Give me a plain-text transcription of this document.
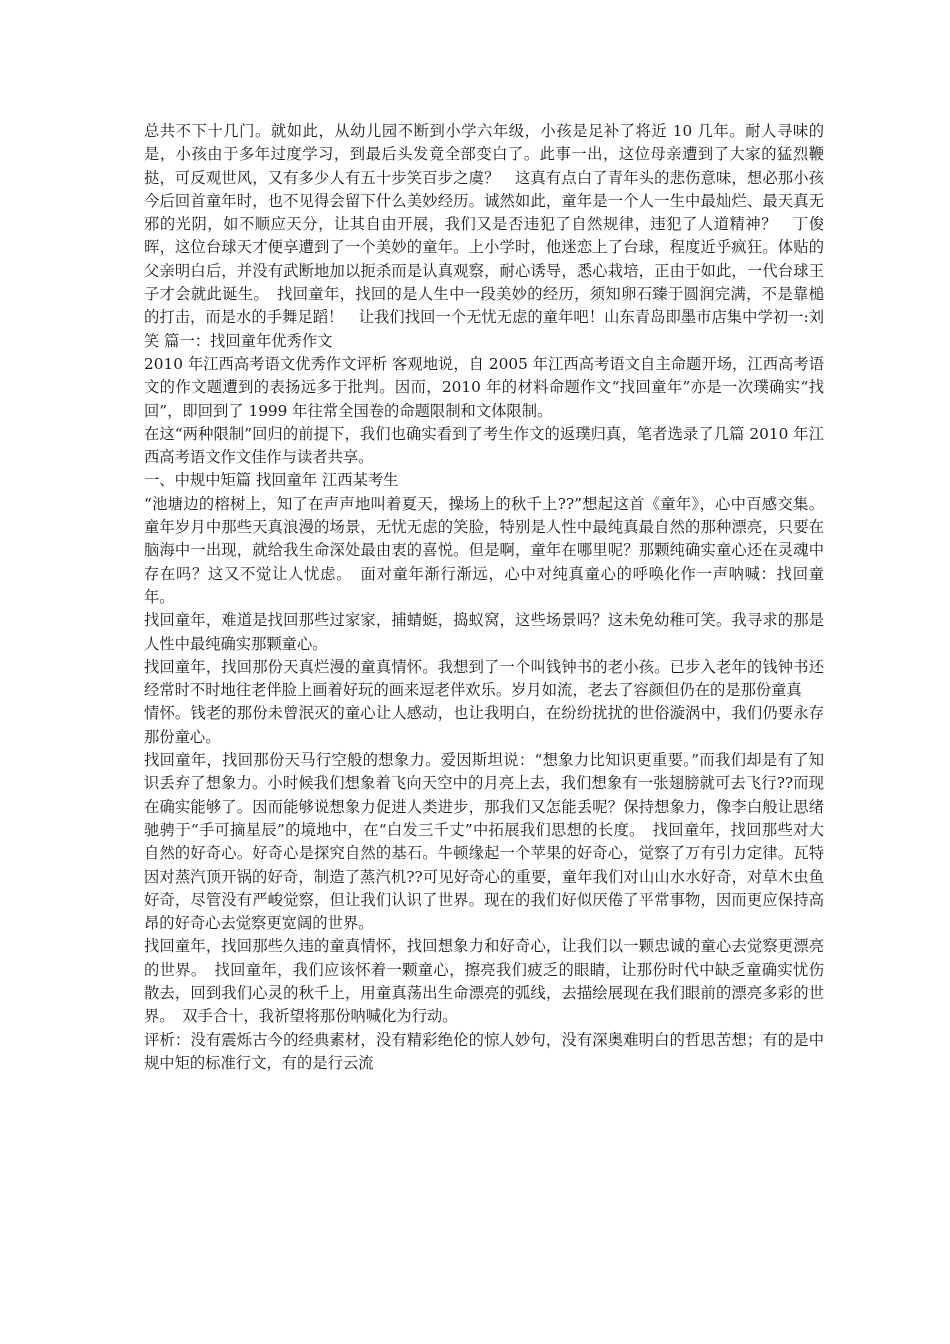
总共不下十几门。就如此，从幼儿园不断到小学六年级，小孩是足补了将近 10 几年。耐人寻味的是，小孩由于多年过度学习，到最后头发竟全部变白了。此事一出，这位母亲遭到了大家的猛烈鞭挞，可反观世风，又有多少人有五十步笑百步之虞？　这真有点白了青年头的悲伤意味，想必那小孩今后回首童年时，也不见得会留下什么美妙经历。诚然如此，童年是一个人一生中最灿烂、最天真无邪的光阴，如不顺应天分，让其自由开展，我们又是否违犯了自然规律，违犯了人道精神？　丁俊晖，这位台球天才便享遭到了一个美妙的童年。上小学时，他迷恋上了台球，程度近乎疯狂。体贴的父亲明白后，并没有武断地加以扼杀而是认真观察，耐心诱导，悉心栽培，正由于如此，一代台球王子才会就此诞生。　找回童年，找回的是人生中一段美妙的经历，须知卵石臻于圆润完满，不是靠槌的打击，而是水的手舞足蹈！　让我们找回一个无忧无虑的童年吧！山东青岛即墨市店集中学初一:刘笑 篇一：找回童年优秀作文

2010 年江西高考语文优秀作文评析 客观地说，自 2005 年江西高考语文自主命题开场，江西高考语文的作文题遭到的表扬远多于批判。因而，2010 年的材料命题作文“找回童年”亦是一次璞确实“找回”，即回到了 1999 年往常全国卷的命题限制和文体限制。

在这“两种限制”回归的前提下，我们也确实看到了考生作文的返璞归真，笔者选录了几篇 2010 年江西高考语文作文佳作与读者共享。

一、中规中矩篇 找回童年 江西某考生

“池塘边的榕树上，知了在声声地叫着夏天，操场上的秋千上??”想起这首《童年》，心中百感交集。童年岁月中那些天真浪漫的场景，无忧无虑的笑脸，特别是人性中最纯真最自然的那种漂亮，只要在脑海中一出现，就给我生命深处最由衷的喜悦。但是啊，童年在哪里呢？那颗纯确实童心还在灵魂中存在吗？这又不觉让人忧虑。　面对童年渐行渐远，心中对纯真童心的呼唤化作一声呐喊：找回童年。

找回童年，难道是找回那些过家家，捕蜻蜓，捣蚁窝，这些场景吗？这未免幼稚可笑。我寻求的那是人性中最纯确实那颗童心。

找回童年，找回那份天真烂漫的童真情怀。我想到了一个叫钱钟书的老小孩。已步入老年的钱钟书还经常时不时地往老伴脸上画着好玩的画来逗老伴欢乐。岁月如流，老去了容颜但仍在的是那份童真

情怀。钱老的那份未曾泯灭的童心让人感动，也让我明白，在纷纷扰扰的世俗漩涡中，我们仍要永存那份童心。

找回童年，找回那份天马行空般的想象力。爱因斯坦说：“想象力比知识更重要。”而我们却是有了知识丢弃了想象力。小时候我们想象着飞向天空中的月亮上去，我们想象有一张翅膀就可去飞行??而现在确实能够了。因而能够说想象力促进人类进步，那我们又怎能丢呢？保持想象力，像李白般让思绪驰骋于“手可摘星辰”的境地中，在“白发三千丈”中拓展我们思想的长度。　找回童年，找回那些对大自然的好奇心。好奇心是探究自然的基石。牛顿缘起一个苹果的好奇心，觉察了万有引力定律。瓦特因对蒸汽顶开锅的好奇，制造了蒸汽机??可见好奇心的重要，童年我们对山山水水好奇，对草木虫鱼好奇，尽管没有严峻觉察，但让我们认识了世界。现在的我们好似厌倦了平常事物，因而更应保持高昂的好奇心去觉察更宽阔的世界。

找回童年，找回那些久违的童真情怀，找回想象力和好奇心，让我们以一颗忠诚的童心去觉察更漂亮的世界。　找回童年，我们应该怀着一颗童心，擦亮我们疲乏的眼睛，让那份时代中缺乏童确实忧伤散去，回到我们心灵的秋千上，用童真荡出生命漂亮的弧线，去描绘展现在我们眼前的漂亮多彩的世界。　双手合十，我祈望将那份呐喊化为行动。

评析：没有震烁古今的经典素材，没有精彩绝伦的惊人妙句，没有深奥难明白的哲思苦想；有的是中规中矩的标准行文，有的是行云流
